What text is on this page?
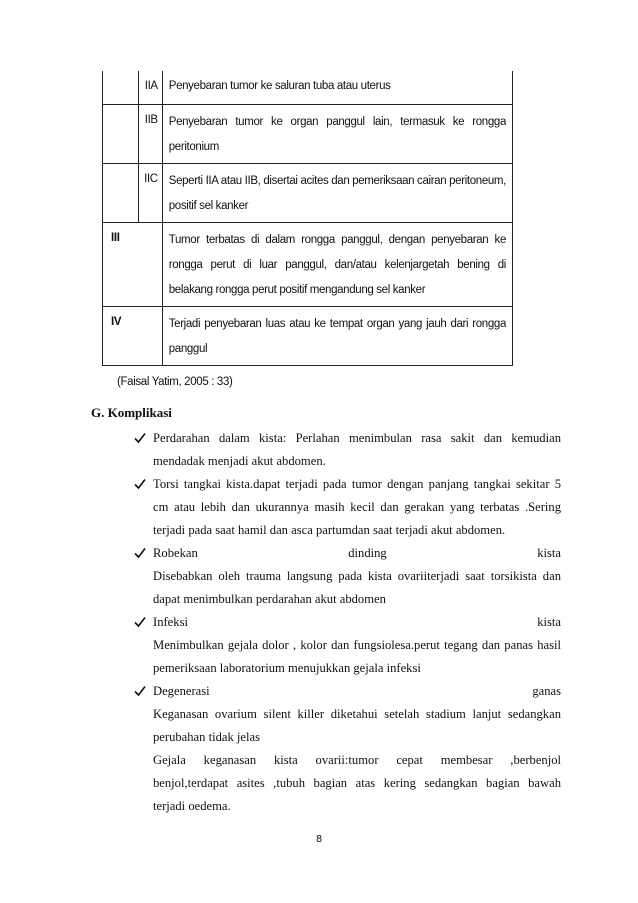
	IIA	Penyebaran tumor ke saluran tuba atau uterus

	IIB	Penyebaran tumor ke organ panggul lain, termasuk ke rongga
peritonium

	IIC	Seperti IIA atau IIB, disertai acites dan pemeriksaan cairan peritoneum,
positif sel kanker

III		Tumor terbatas di dalam rongga panggul, dengan penyebaran ke
rongga perut di luar panggul, dan/atau kelenjargetah bening di
belakang rongga perut positif mengandung sel kanker

IV		Terjadi penyebaran luas atau ke tempat organ yang jauh dari rongga
panggul
(Faisal Yatim, 2005 : 33)
G. Komplikasi
Perdarahan dalam kista: Perlahan menimbulan rasa sakit dan kemudian
mendadak menjadi akut abdomen.
Torsi tangkai kista.dapat terjadi pada tumor dengan panjang tangkai sekitar 5
cm atau lebih dan ukurannya masih kecil dan gerakan yang terbatas .Sering
terjadi pada saat hamil dan asca partumdan saat terjadi akut abdomen.
Robekan dinding kista
Disebabkan oleh trauma langsung pada kista ovariiterjadi saat torsikista dan
dapat menimbulkan perdarahan akut abdomen
Infeksi kista
Menimbulkan gejala dolor , kolor dan fungsiolesa.perut tegang dan panas hasil
pemeriksaan laboratorium menujukkan gejala infeksi
Degenerasi ganas
Keganasan ovarium silent killer diketahui setelah stadium lanjut sedangkan
perubahan tidak jelas
Gejala keganasan kista ovarii:tumor cepat membesar ,berbenjol
benjol,terdapat asites ,tubuh bagian atas kering sedangkan bagian bawah
terjadi oedema.
8
